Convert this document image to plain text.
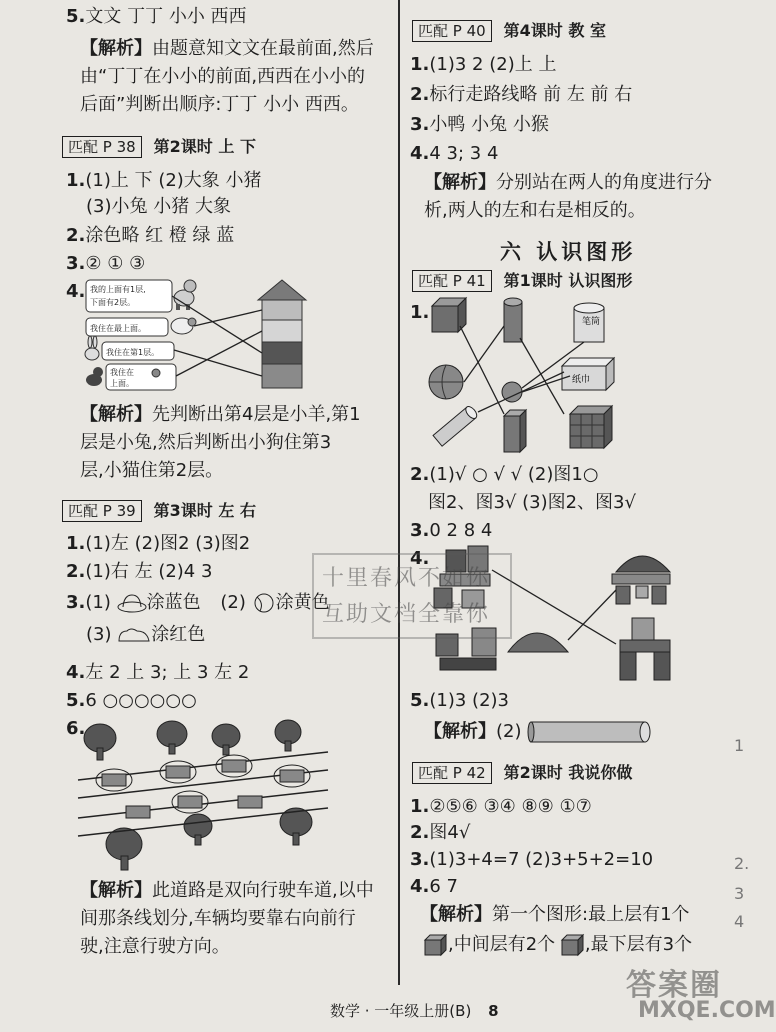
5.文文 丁丁 小小 西西
【解析】由题意知文文在最前面,然后
由“丁丁在小小的前面,西西在小小的
后面”判断出顺序:丁丁 小小 西西。
匹配 P 38 第2课时 上 下
1.(1)上 下 (2)大象 小猪
(3)小兔 小猪 大象
2.涂色略 红 橙 绿 蓝
3.② ① ③
4. 我的上面有1层,
下面有2层。
我住在最上面。
我住在第1层。
我住在
上面。
【解析】先判断出第4层是小羊,第1
层是小兔,然后判断出小狗住第3
层,小猫住第2层。
匹配 P 39 第3课时 左 右
1.(1)左 (2)图2 (3)图2
2.(1)右 左 (2)4 3
3.(1) 涂蓝色 (2) 涂黄色
(3) 涂红色
4.左 2 上 3; 上 3 左 2
5.6 ○○○○○○
6.
【解析】此道路是双向行驶车道,以中
间那条线划分,车辆均要靠右向前行
驶,注意行驶方向。
匹配 P 40 第4课时 教 室
1.(1)3 2 (2)上 上
2.标行走路线略 前 左 前 右
3.小鸭 小兔 小猴
4.4 3; 3 4
【解析】分别站在两人的角度进行分
析,两人的左和右是相反的。
六 认识图形
匹配 P 41 第1课时 认识图形
1.	笔筒
纸巾
2.(1)√ ○ √ √ (2)图1○
图2、图3√ (3)图2、图3√
3.0 2 8 4
4.
5.(1)3 (2)3
【解析】(2)
匹配 P 42 第2课时 我说你做
1.②⑤⑥ ③④ ⑧⑨ ①⑦
2.图4√
3.(1)3+4=7 (2)3+5+2=10
4.6 7
【解析】第一个图形:最上层有1个
,中间层有2个 ,最下层有3个
十里春风不如你
互助文档全靠你
1
2.
3
4
数学 · 一年级上册(B) 8
答案圈
MXQE.COM
